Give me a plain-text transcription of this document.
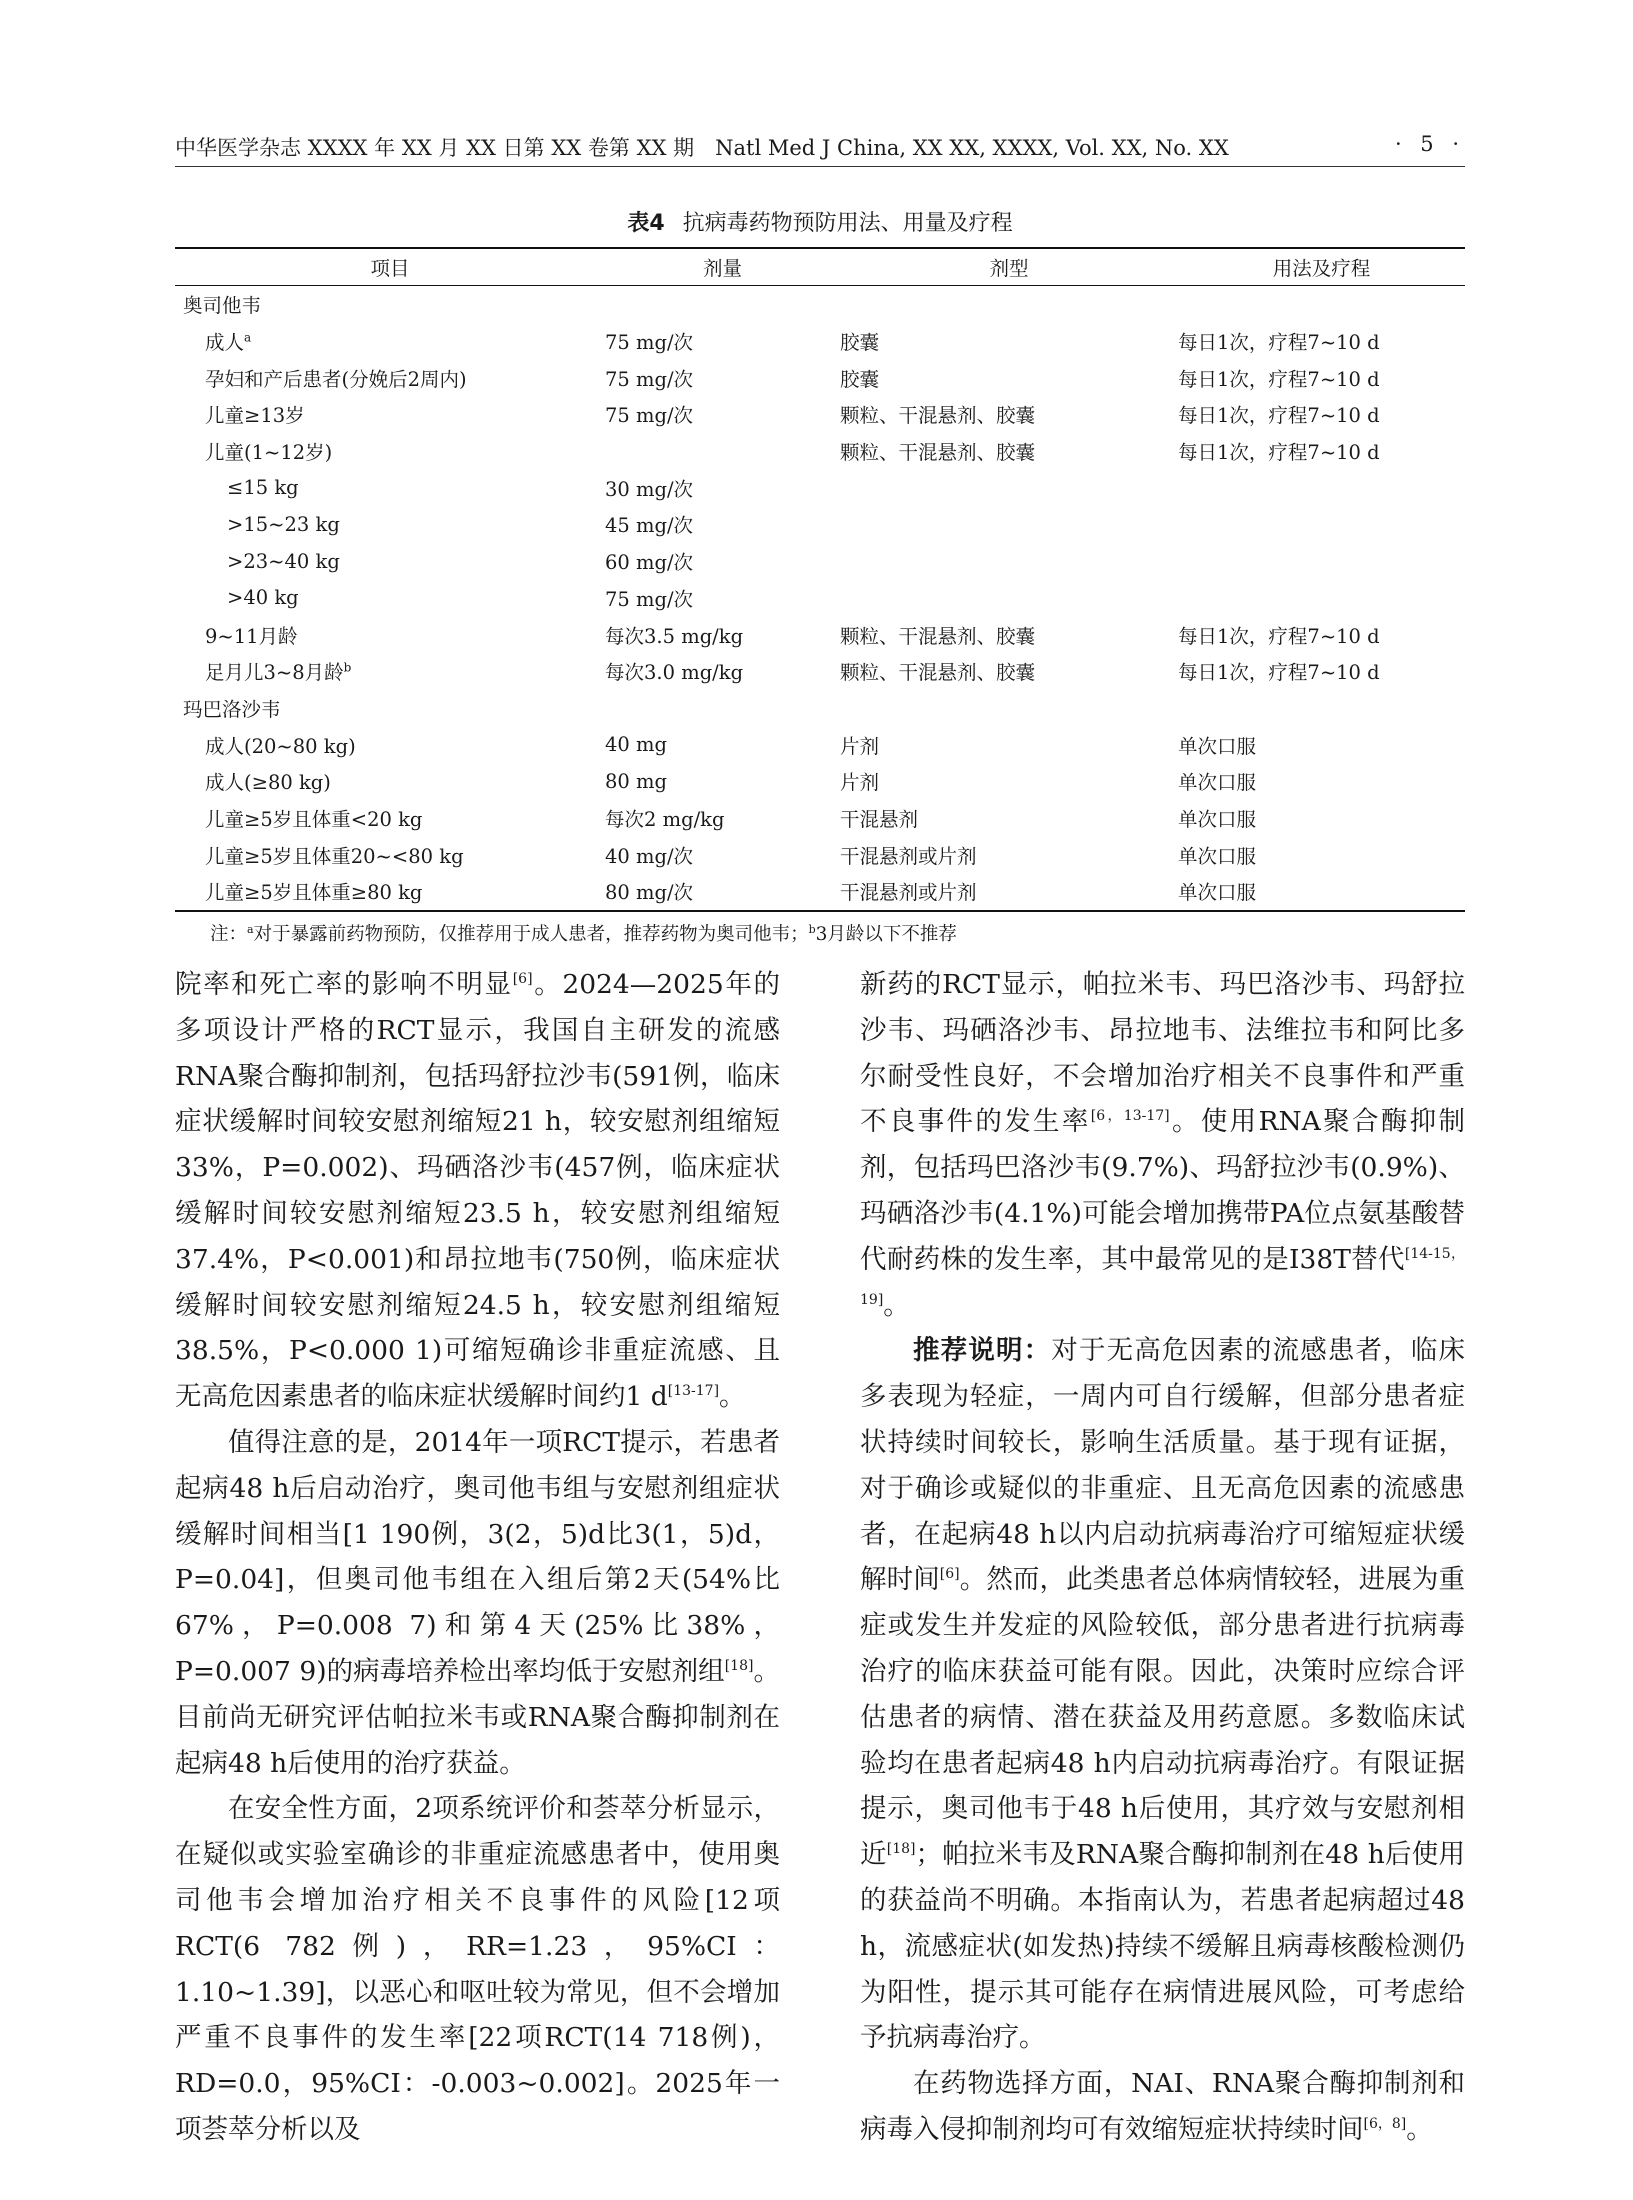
中华医学杂志 XXXX 年 XX 月 XX 日第 XX 卷第 XX 期　Natl Med J China, XX XX, XXXX, Vol. XX, No. XX	· 5 ·
表4 抗病毒药物预防用法、用量及疗程
项目	剂量	剂型	用法及疗程
奥司他韦			
成人$^a$	75 mg/次	胶囊	每日1次，疗程7~10 d
孕妇和产后患者(分娩后2周内)	75 mg/次	胶囊	每日1次，疗程7~10 d
儿童≥13岁	75 mg/次	颗粒、干混悬剂、胶囊	每日1次，疗程7~10 d
儿童(1~12岁)		颗粒、干混悬剂、胶囊	每日1次，疗程7~10 d
≤15 kg	30 mg/次		
>15~23 kg	45 mg/次		
>23~40 kg	60 mg/次		
>40 kg	75 mg/次		
9~11月龄	每次3.5 mg/kg	颗粒、干混悬剂、胶囊	每日1次，疗程7~10 d
足月儿3~8月龄$^b$	每次3.0 mg/kg	颗粒、干混悬剂、胶囊	每日1次，疗程7~10 d
玛巴洛沙韦			
成人(20~80 kg)	40 mg	片剂	单次口服
成人(≥80 kg)	80 mg	片剂	单次口服
儿童≥5岁且体重<20 kg	每次2 mg/kg	干混悬剂	单次口服
儿童≥5岁且体重20~<80 kg	40 mg/次	干混悬剂或片剂	单次口服
儿童≥5岁且体重≥80 kg	80 mg/次	干混悬剂或片剂	单次口服
注：$^a$对于暴露前药物预防，仅推荐用于成人患者，推荐药物为奥司他韦；$^b$3月龄以下不推荐

院率和死亡率的影响不明显[6]。2024—2025年的多项设计严格的RCT显示，我国自主研发的流感RNA聚合酶抑制剂，包括玛舒拉沙韦(591例，临床症状缓解时间较安慰剂缩短21 h，较安慰剂组缩短33%，P=0.002)、玛硒洛沙韦(457例，临床症状缓解时间较安慰剂缩短23.5 h，较安慰剂组缩短37.4%，P<0.001)和昂拉地韦(750例，临床症状缓解时间较安慰剂缩短24.5 h，较安慰剂组缩短38.5%，P<0.000 1)可缩短确诊非重症流感、且无高危因素患者的临床症状缓解时间约1 d[13-17]。

值得注意的是，2014年一项RCT提示，若患者起病48 h后启动治疗，奥司他韦组与安慰剂组症状缓解时间相当[1 190例，3(2，5)d比3(1，5)d，P=0.04]，但奥司他韦组在入组后第2天(54%比67%，P=0.008 7)和第4天(25%比38%，P=0.007 9)的病毒培养检出率均低于安慰剂组[18]。目前尚无研究评估帕拉米韦或RNA聚合酶抑制剂在起病48 h后使用的治疗获益。

在安全性方面，2项系统评价和荟萃分析显示，在疑似或实验室确诊的非重症流感患者中，使用奥司他韦会增加治疗相关不良事件的风险[12项RCT(6 782例)，RR=1.23，95%CI：1.10~1.39]，以恶心和呕吐较为常见，但不会增加严重不良事件的发生率[22项RCT(14 718例)，RD=0.0，95%CI：-0.003~0.002]。2025年一项荟萃分析以及

新药的RCT显示，帕拉米韦、玛巴洛沙韦、玛舒拉沙韦、玛硒洛沙韦、昂拉地韦、法维拉韦和阿比多尔耐受性良好，不会增加治疗相关不良事件和严重不良事件的发生率[6，13-17]。使用RNA聚合酶抑制剂，包括玛巴洛沙韦(9.7%)、玛舒拉沙韦(0.9%)、玛硒洛沙韦(4.1%)可能会增加携带PA位点氨基酸替代耐药株的发生率，其中最常见的是I38T替代[14-15，19]。

推荐说明：对于无高危因素的流感患者，临床多表现为轻症，一周内可自行缓解，但部分患者症状持续时间较长，影响生活质量。基于现有证据，对于确诊或疑似的非重症、且无高危因素的流感患者，在起病48 h以内启动抗病毒治疗可缩短症状缓解时间[6]。然而，此类患者总体病情较轻，进展为重症或发生并发症的风险较低，部分患者进行抗病毒治疗的临床获益可能有限。因此，决策时应综合评估患者的病情、潜在获益及用药意愿。多数临床试验均在患者起病48 h内启动抗病毒治疗。有限证据提示，奥司他韦于48 h后使用，其疗效与安慰剂相近[18]；帕拉米韦及RNA聚合酶抑制剂在48 h后使用的获益尚不明确。本指南认为，若患者起病超过48 h，流感症状(如发热)持续不缓解且病毒核酸检测仍为阳性，提示其可能存在病情进展风险，可考虑给予抗病毒治疗。

在药物选择方面，NAI、RNA聚合酶抑制剂和病毒入侵抑制剂均可有效缩短症状持续时间[6，8]。
